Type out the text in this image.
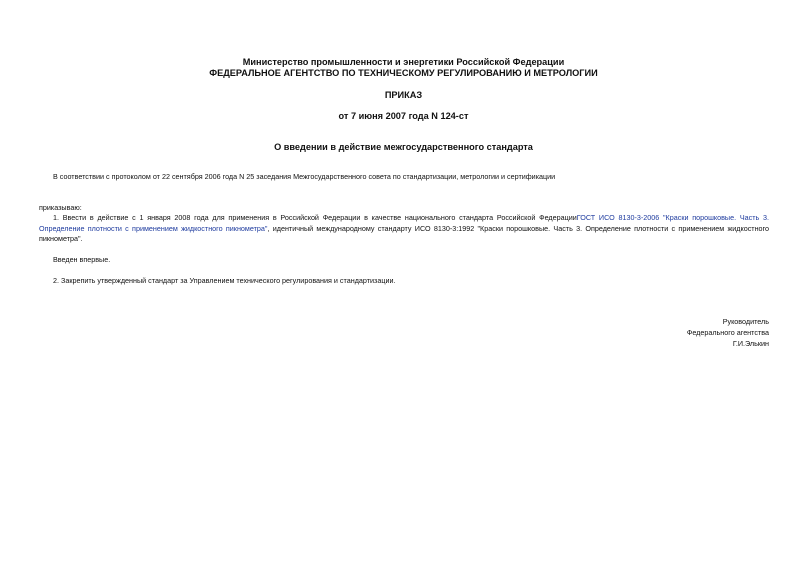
Министерство промышленности и энергетики Российской Федерации
ФЕДЕРАЛЬНОЕ АГЕНТСТВО ПО ТЕХНИЧЕСКОМУ РЕГУЛИРОВАНИЮ И МЕТРОЛОГИИ
ПРИКАЗ
от 7 июня 2007 года N 124-ст
О введении в действие межгосударственного стандарта
В соответствии с протоколом от 22 сентября 2006 года N 25 заседания Межгосударственного совета по стандартизации, метрологии и сертификации
приказываю:
1. Ввести в действие с 1 января 2008 года для применения в Российской Федерации в качестве национального стандарта Российской ФедерацииГОСТ ИСО 8130-3-2006 "Краски порошковые. Часть 3. Определение плотности с применением жидкостного пикнометра", идентичный международному стандарту ИСО 8130-3:1992 "Краски порошковые. Часть 3. Определение плотности с применением жидкостного пикнометра".
Введен впервые.
2. Закрепить утвержденный стандарт за Управлением технического регулирования и стандартизации.
Руководитель
Федерального агентства
Г.И.Элькин
